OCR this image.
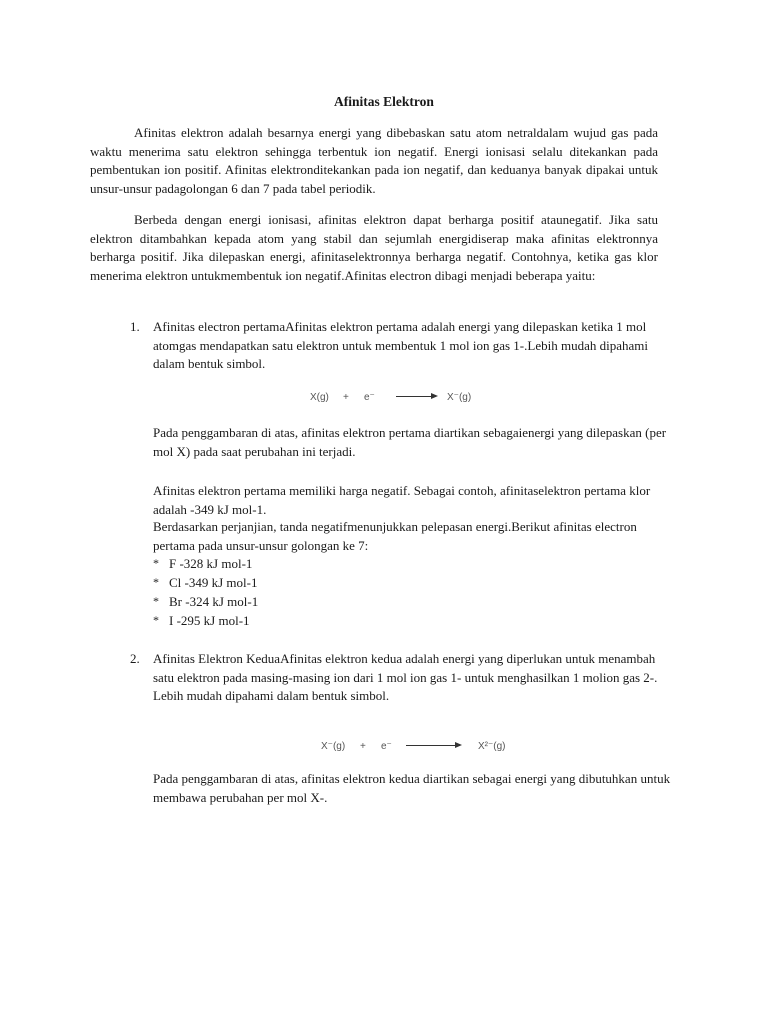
Afinitas Elektron
Afinitas elektron adalah besarnya energi yang dibebaskan satu atom netraldalam wujud gas pada waktu menerima satu elektron sehingga terbentuk ion negatif. Energi ionisasi selalu ditekankan pada pembentukan ion positif. Afinitas elektronditekankan pada ion negatif, dan keduanya banyak dipakai untuk unsur-unsur padagolongan 6 dan 7 pada tabel periodik.
Berbeda dengan energi ionisasi, afinitas elektron dapat berharga positif ataunegatif. Jika satu elektron ditambahkan kepada atom yang stabil dan sejumlah energidiserap maka afinitas elektronnya berharga positif. Jika dilepaskan energi, afinitaselektronnya berharga negatif. Contohnya, ketika gas klor menerima elektron untukmembentuk ion negatif.Afinitas electron dibagi menjadi beberapa yaitu:
1. Afinitas electron pertamaAfinitas elektron pertama adalah energi yang dilepaskan ketika 1 mol atomgas mendapatkan satu elektron untuk membentuk 1 mol ion gas 1-.Lebih mudah dipahami dalam bentuk simbol.
X(g) + e⁻ → X⁻(g)
Pada penggambaran di atas, afinitas elektron pertama diartikan sebagaienergi yang dilepaskan (per mol X) pada saat perubahan ini terjadi.
Afinitas elektron pertama memiliki harga negatif. Sebagai contoh, afinitaselektron pertama klor adalah -349 kJ mol-1.
Berdasarkan perjanjian, tanda negatifmenunjukkan pelepasan energi.Berikut afinitas electron pertama pada unsur-unsur golongan ke 7:
* F -328 kJ mol-1
* Cl -349 kJ mol-1
* Br -324 kJ mol-1
* I -295 kJ mol-1
2. Afinitas Elektron KeduaAfinitas elektron kedua adalah energi yang diperlukan untuk menambah satu elektron pada masing-masing ion dari 1 mol ion gas 1- untuk menghasilkan 1 molion gas 2-.
Lebih mudah dipahami dalam bentuk simbol.
X⁻(g) + e⁻	X²⁻(g)
Pada penggambaran di atas, afinitas elektron kedua diartikan sebagai energi yang dibutuhkan untuk membawa perubahan per mol X-.
